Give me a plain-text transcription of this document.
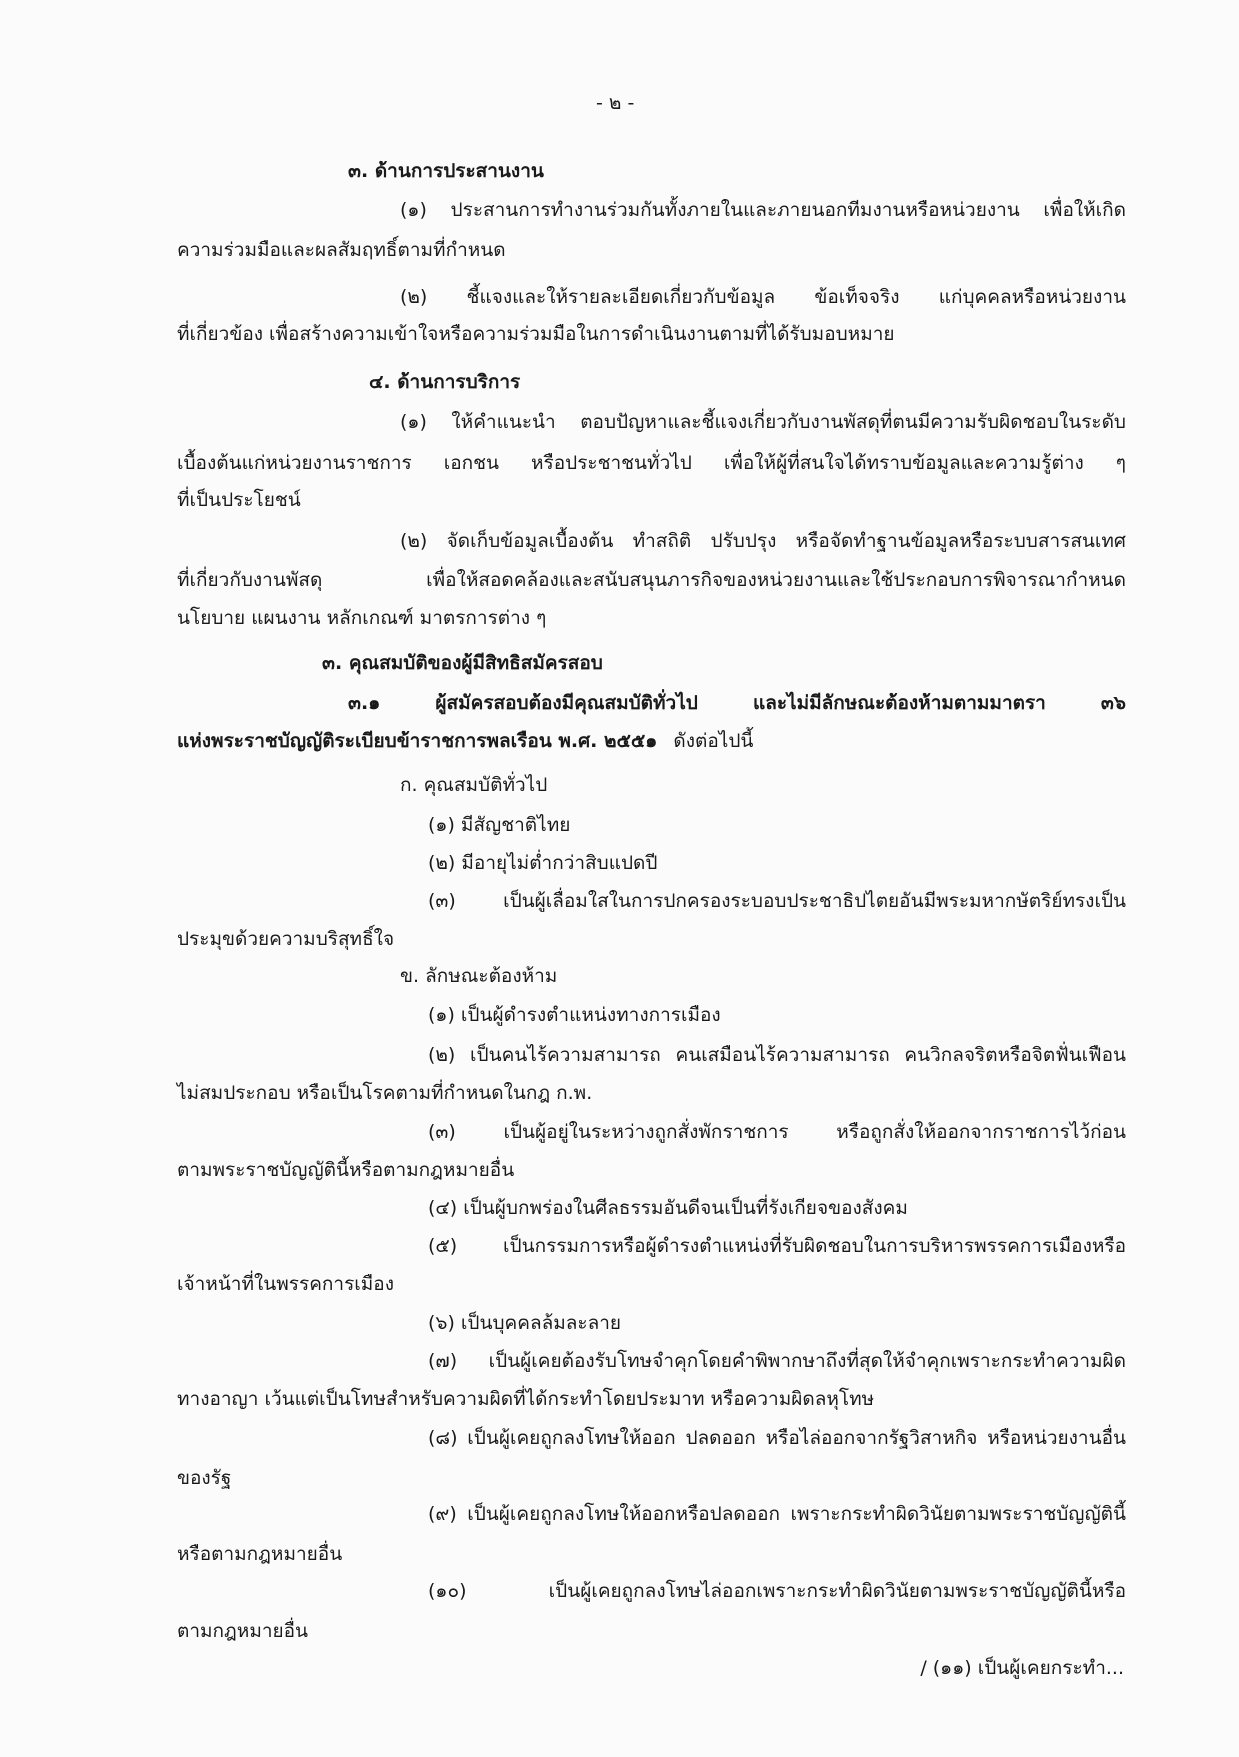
- ๒ -
๓. ด้านการประสานงาน
(๑) ประสานการทำงานร่วมกันทั้งภายในและภายนอกทีมงานหรือหน่วยงาน เพื่อให้เกิด
ความร่วมมือและผลสัมฤทธิ์ตามที่กำหนด
(๒) ชี้แจงและให้รายละเอียดเกี่ยวกับข้อมูล ข้อเท็จจริง แก่บุคคลหรือหน่วยงาน
ที่เกี่ยวข้อง เพื่อสร้างความเข้าใจหรือความร่วมมือในการดำเนินงานตามที่ได้รับมอบหมาย
๔. ด้านการบริการ
(๑) ให้คำแนะนำ ตอบปัญหาและชี้แจงเกี่ยวกับงานพัสดุที่ตนมีความรับผิดชอบในระดับ
เบื้องต้นแก่หน่วยงานราชการ เอกชน หรือประชาชนทั่วไป เพื่อให้ผู้ที่สนใจได้ทราบข้อมูลและความรู้ต่าง ๆ
ที่เป็นประโยชน์
(๒) จัดเก็บข้อมูลเบื้องต้น ทำสถิติ ปรับปรุง หรือจัดทำฐานข้อมูลหรือระบบสารสนเทศ
ที่เกี่ยวกับงานพัสดุ เพื่อให้สอดคล้องและสนับสนุนภารกิจของหน่วยงานและใช้ประกอบการพิจารณากำหนด
นโยบาย แผนงาน หลักเกณฑ์ มาตรการต่าง ๆ
๓. คุณสมบัติของผู้มีสิทธิสมัครสอบ
๓.๑ ผู้สมัครสอบต้องมีคุณสมบัติทั่วไป และไม่มีลักษณะต้องห้ามตามมาตรา ๓๖
แห่งพระราชบัญญัติระเบียบข้าราชการพลเรือน พ.ศ. ๒๕๕๑ ดังต่อไปนี้
ก. คุณสมบัติทั่วไป
(๑) มีสัญชาติไทย
(๒) มีอายุไม่ต่ำกว่าสิบแปดปี
(๓) เป็นผู้เลื่อมใสในการปกครองระบอบประชาธิปไตยอันมีพระมหากษัตริย์ทรงเป็น
ประมุขด้วยความบริสุทธิ์ใจ
ข. ลักษณะต้องห้าม
(๑) เป็นผู้ดำรงตำแหน่งทางการเมือง
(๒) เป็นคนไร้ความสามารถ คนเสมือนไร้ความสามารถ คนวิกลจริตหรือจิตฟั่นเฟือน
ไม่สมประกอบ หรือเป็นโรคตามที่กำหนดในกฎ ก.พ.
(๓) เป็นผู้อยู่ในระหว่างถูกสั่งพักราชการ หรือถูกสั่งให้ออกจากราชการไว้ก่อน
ตามพระราชบัญญัตินี้หรือตามกฎหมายอื่น
(๔) เป็นผู้บกพร่องในศีลธรรมอันดีจนเป็นที่รังเกียจของสังคม
(๕) เป็นกรรมการหรือผู้ดำรงตำแหน่งที่รับผิดชอบในการบริหารพรรคการเมืองหรือ
เจ้าหน้าที่ในพรรคการเมือง
(๖) เป็นบุคคลล้มละลาย
(๗) เป็นผู้เคยต้องรับโทษจำคุกโดยคำพิพากษาถึงที่สุดให้จำคุกเพราะกระทำความผิด
ทางอาญา เว้นแต่เป็นโทษสำหรับความผิดที่ได้กระทำโดยประมาท หรือความผิดลหุโทษ
(๘) เป็นผู้เคยถูกลงโทษให้ออก ปลดออก หรือไล่ออกจากรัฐวิสาหกิจ หรือหน่วยงานอื่น
ของรัฐ
(๙) เป็นผู้เคยถูกลงโทษให้ออกหรือปลดออก เพราะกระทำผิดวินัยตามพระราชบัญญัตินี้
หรือตามกฎหมายอื่น
(๑๐) เป็นผู้เคยถูกลงโทษไล่ออกเพราะกระทำผิดวินัยตามพระราชบัญญัตินี้หรือ
ตามกฎหมายอื่น
/ (๑๑) เป็นผู้เคยกระทำ...
